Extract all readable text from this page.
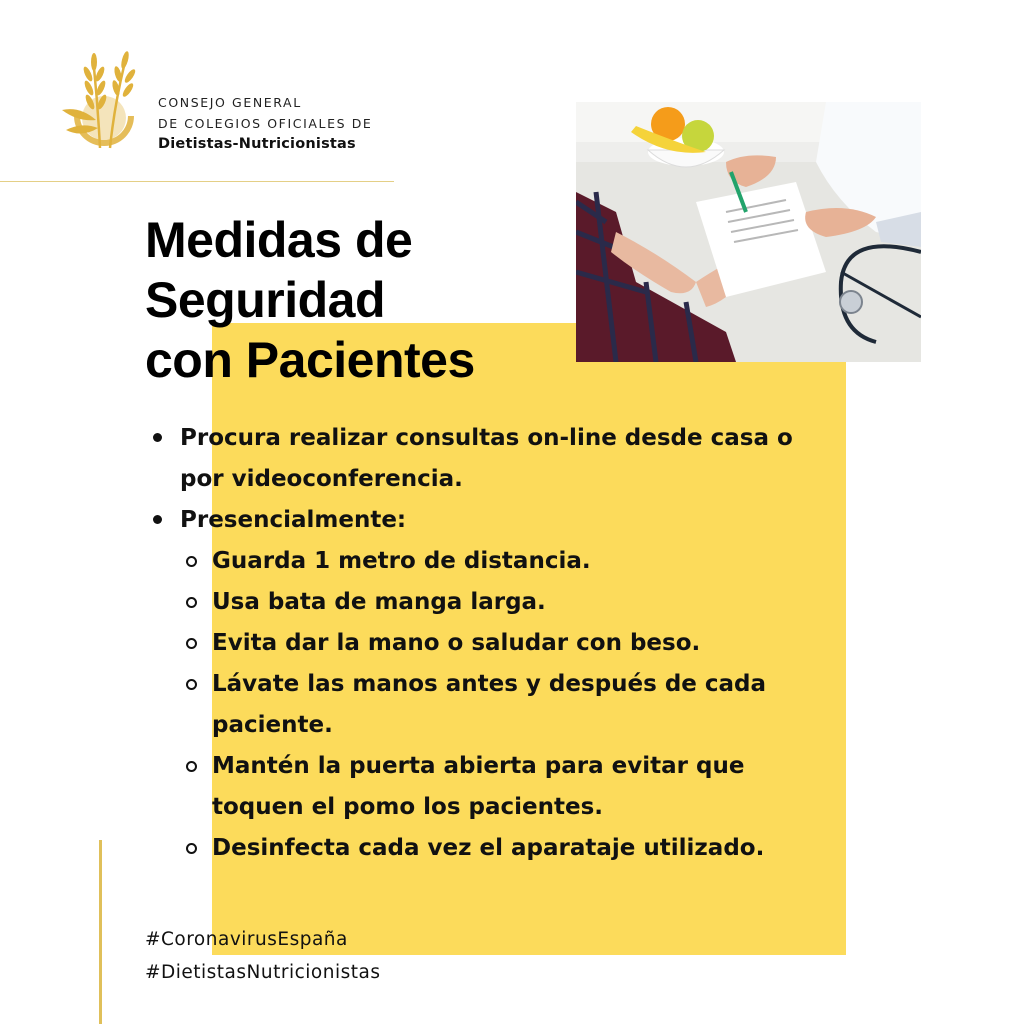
CONSEJO GENERAL
DE COLEGIOS OFICIALES DE
Dietistas-Nutricionistas
Medidas de
Seguridad
con Pacientes
Procura realizar consultas on-line desde casa o por videoconferencia.
Presencialmente:
Guarda 1 metro de distancia.
Usa bata de manga larga.
Evita dar la mano o saludar con beso.
Lávate las manos antes y después de cada paciente.
Mantén la puerta abierta para evitar que toquen el pomo los pacientes.
Desinfecta cada vez el aparataje utilizado.
#CoronavirusEspaña
#DietistasNutricionistas
